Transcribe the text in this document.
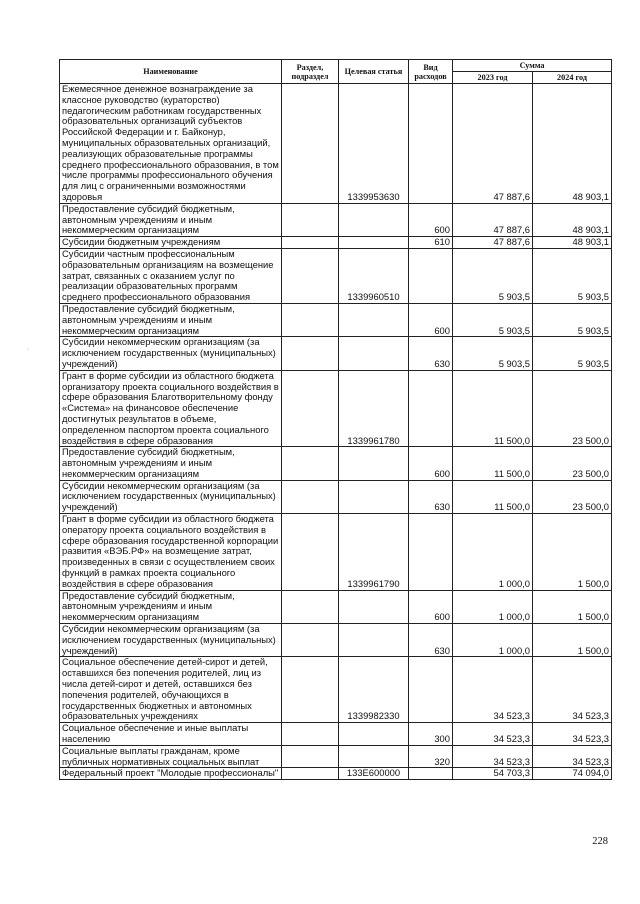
·
Наименование	Раздел, подраздел	Целевая статья	Вид расходов	Сумма	
				2023 год	2024 год
Ежемесячное денежное вознаграждение за классное руководство (кураторство) педагогическим работникам государственных образовательных организаций субъектов Российской Федерации и г. Байконур, муниципальных образовательных организаций, реализующих образовательные программы среднего профессионального образования, в том числе программы профессионального обучения для лиц с ограниченными возможностями здоровья		1339953630		47 887,6	48 903,1
Предоставление субсидий бюджетным, автономным учреждениям и иным некоммерческим организациям			600	47 887,6	48 903,1
Субсидии бюджетным учреждениям			610	47 887,6	48 903,1
Субсидии частным профессиональным образовательным организациям на возмещение затрат, связанных с оказанием услуг по реализации образовательных программ среднего профессионального образования		1339960510		5 903,5	5 903,5
Предоставление субсидий бюджетным, автономным учреждениям и иным некоммерческим организациям			600	5 903,5	5 903,5
Субсидии некоммерческим организациям (за исключением государственных (муниципальных) учреждений)			630	5 903,5	5 903,5
Грант в форме субсидии из областного бюджета организатору проекта социального воздействия в сфере образования Благотворительному фонду «Система» на финансовое обеспечение достигнутых результатов в объеме, определенном паспортом проекта социального воздействия в сфере образования		1339961780		11 500,0	23 500,0
Предоставление субсидий бюджетным, автономным учреждениям и иным некоммерческим организациям			600	11 500,0	23 500,0
Субсидии некоммерческим организациям (за исключением государственных (муниципальных) учреждений)			630	11 500,0	23 500,0
Грант в форме субсидии из областного бюджета оператору проекта социального воздействия в сфере образования государственной корпорации развития «ВЭБ.РФ» на возмещение затрат, произведенных в связи с осуществлением своих функций в рамках проекта социального воздействия в сфере образования		1339961790		1 000,0	1 500,0
Предоставление субсидий бюджетным, автономным учреждениям и иным некоммерческим организациям			600	1 000,0	1 500,0
Субсидии некоммерческим организациям (за исключением государственных (муниципальных) учреждений)			630	1 000,0	1 500,0
Социальное обеспечение детей-сирот и детей, оставшихся без попечения родителей, лиц из числа детей-сирот и детей, оставшихся без попечения родителей, обучающихся в государственных бюджетных и автономных образовательных учреждениях		1339982330		34 523,3	34 523,3
Социальное обеспечение и иные выплаты населению			300	34 523,3	34 523,3
Социальные выплаты гражданам, кроме публичных нормативных социальных выплат			320	34 523,3	34 523,3
Федеральный проект "Молодые профессионалы"		133E600000		54 703,3	74 094,0
228
